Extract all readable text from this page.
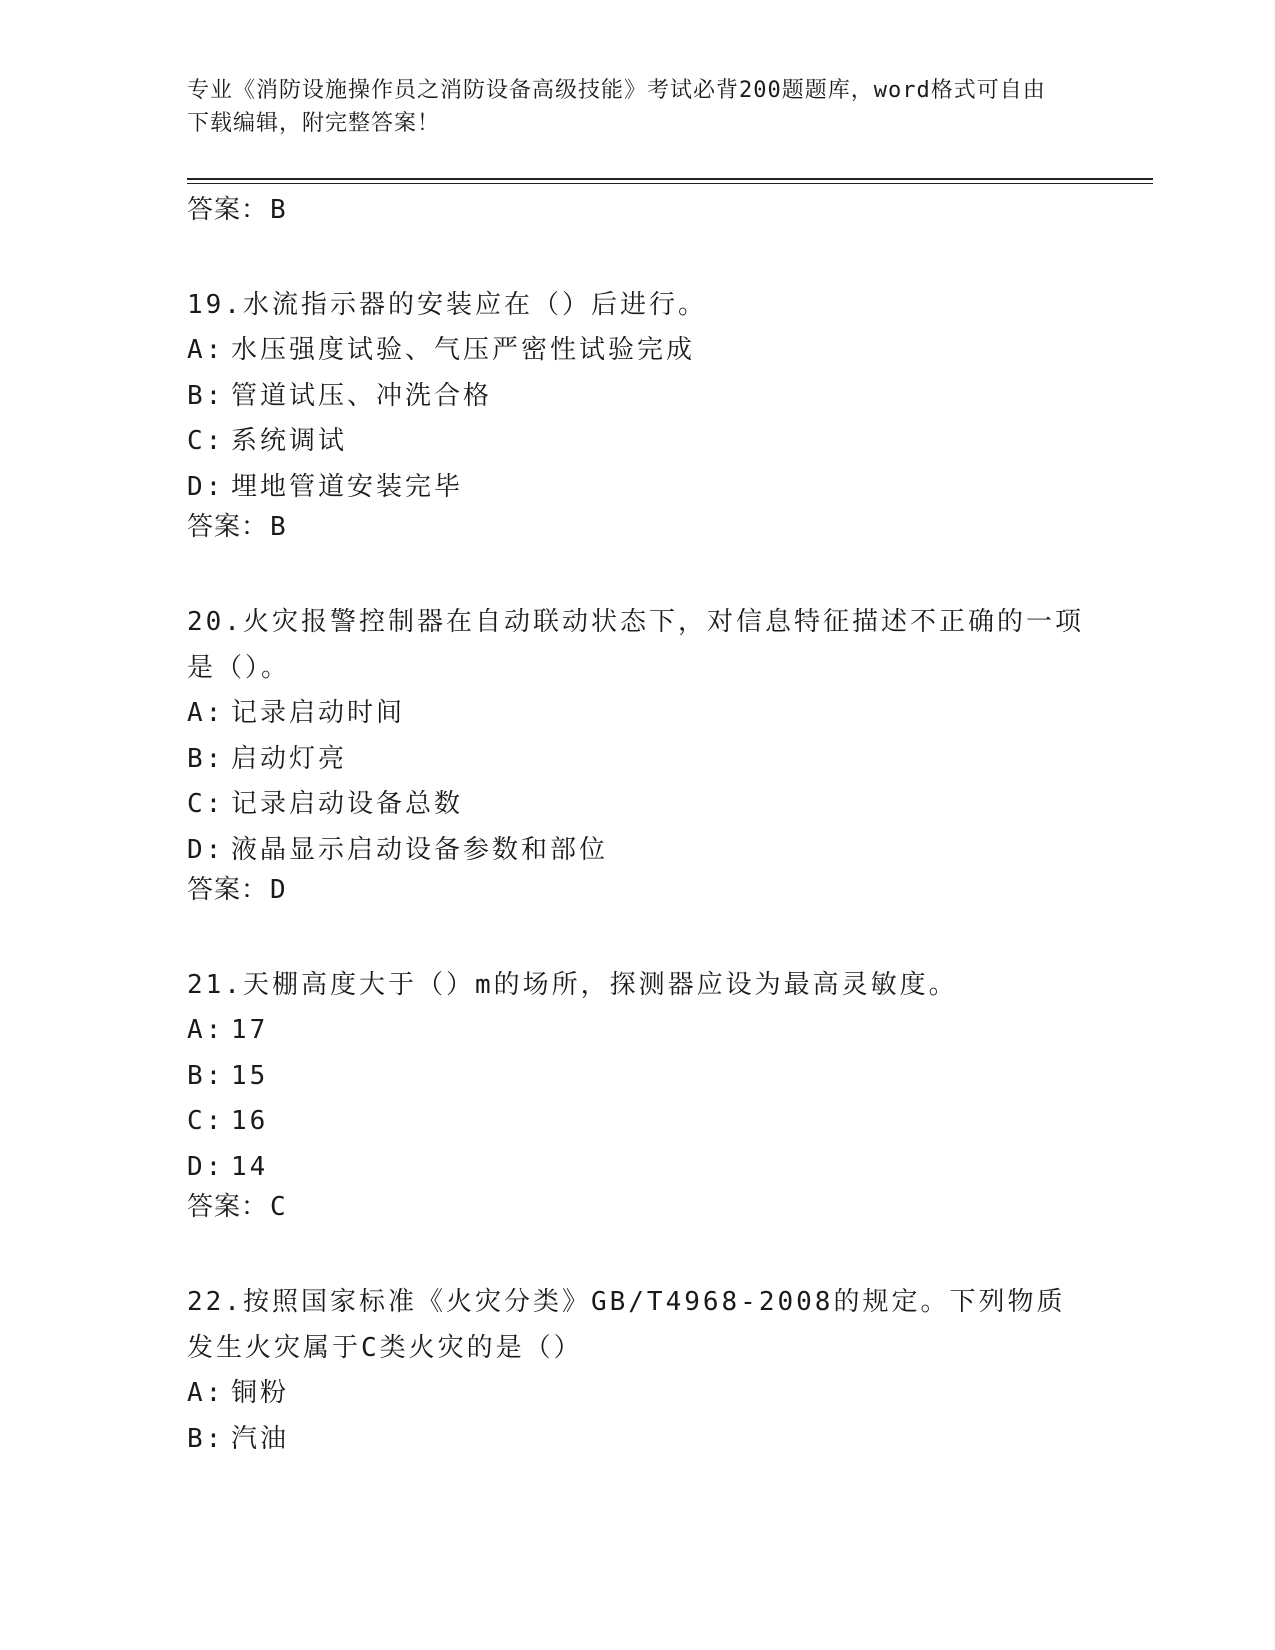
专业《消防设施操作员之消防设备高级技能》考试必背200题题库，word格式可自由下载编辑，附完整答案！
答案：B
19.水流指示器的安装应在（）后进行。
A: 水压强度试验、气压严密性试验完成
B: 管道试压、冲洗合格
C: 系统调试
D: 埋地管道安装完毕
答案：B
20.火灾报警控制器在自动联动状态下，对信息特征描述不正确的一项是（）。
A: 记录启动时间
B: 启动灯亮
C: 记录启动设备总数
D: 液晶显示启动设备参数和部位
答案：D
21.天棚高度大于（）m的场所，探测器应设为最高灵敏度。
A: 17
B: 15
C: 16
D: 14
答案：C
22.按照国家标准《火灾分类》GB/T4968-2008的规定。下列物质发生火灾属于C类火灾的是（）
A: 铜粉
B: 汽油
